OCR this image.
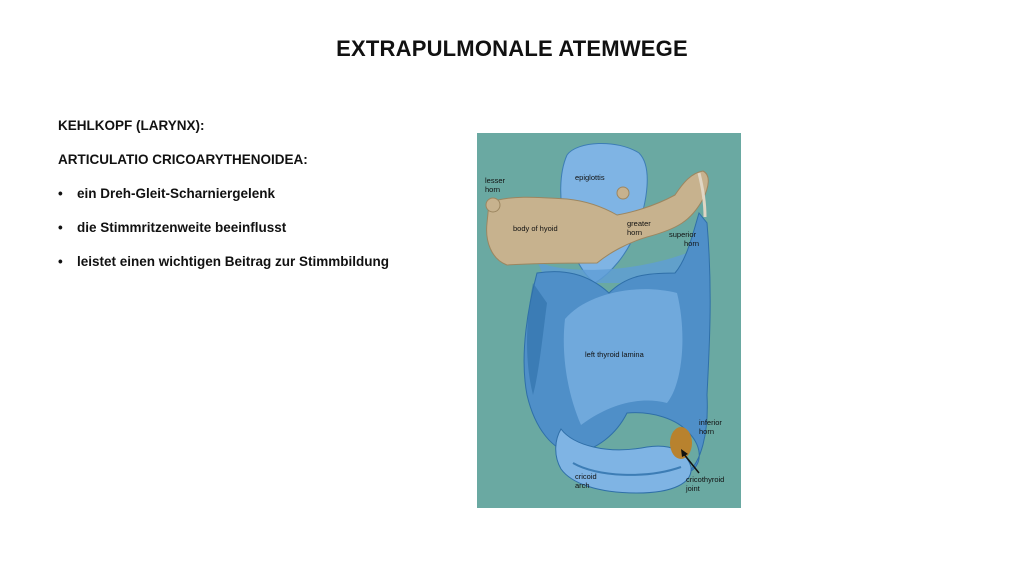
EXTRAPULMONALE ATEMWEGE
KEHLKOPF (LARYNX):
ARTICULATIO CRICOARYTHENOIDEA:
•	ein Dreh-Gleit-Scharniergelenk
•	die Stimmritzenweite beeinflusst
•	leistet einen wichtigen Beitrag zur Stimmbildung
lesser horn
epiglottis
body of hyoid
greater horn	superior horn
left thyroid lamina
inferior horn
cricoid arch
cricothyroid joint
